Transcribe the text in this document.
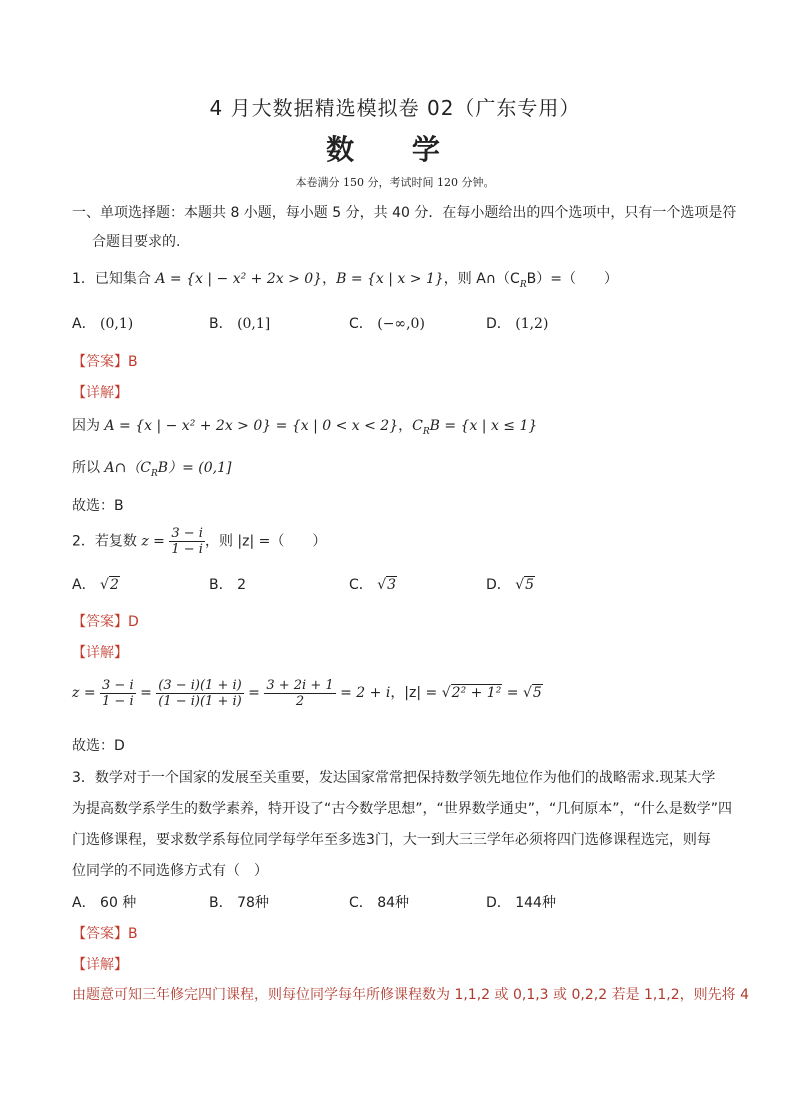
4 月大数据精选模拟卷 02（广东专用）
数 学
本卷满分 150 分，考试时间 120 分钟。
一、单项选择题：本题共 8 小题，每小题 5 分，共 40 分．在每小题给出的四个选项中，只有一个选项是符
合题目要求的.
1．已知集合 A = {x | − x² + 2x > 0}，B = {x | x > 1}，则 $A\cap(C_RB)=$（　　）
A． (0,1)	B． (0,1]	C． (−∞,0)	D． (1,2)
【答案】B
【详解】
因为 A = {x | − x² + 2x > 0} = {x | 0 < x < 2}，$C_RB = \{x$ | x ≤ 1}
所以 $A\cap(C_RB)= (0,1]$
故选：B
2．若复数 $z = \frac{3 - i}{1 - i}$ ，则 |z| =（　　）
A． √2	B． 2	C． √3	D． √5
【答案】D
【详解】
$z = \frac{3 - i}{1 - i} = \frac{(3 - i)(1 + i)}{(1 - i)(1 + i)} = \frac{3 + 2i + 1}{2} = 2 + i$，|z| = √2² + 1² = √5
故选：D
3．数学对于一个国家的发展至关重要，发达国家常常把保持数学领先地位作为他们的战略需求.现某大学
为提高数学系学生的数学素养，特开设了“古今数学思想”，“世界数学通史”，“几何原本”，“什么是数学”四
门选修课程，要求数学系每位同学每学年至多选3门，大一到大三三学年必须将四门选修课程选完，则每
位同学的不同选修方式有（　）
A． 60 种	B． 78种	C． 84种	D． 144种
【答案】B
【详解】
由题意可知三年修完四门课程，则每位同学每年所修课程数为 1,1,2 或 0,1,3 或 0,2,2 若是 1,1,2，则先将 4
